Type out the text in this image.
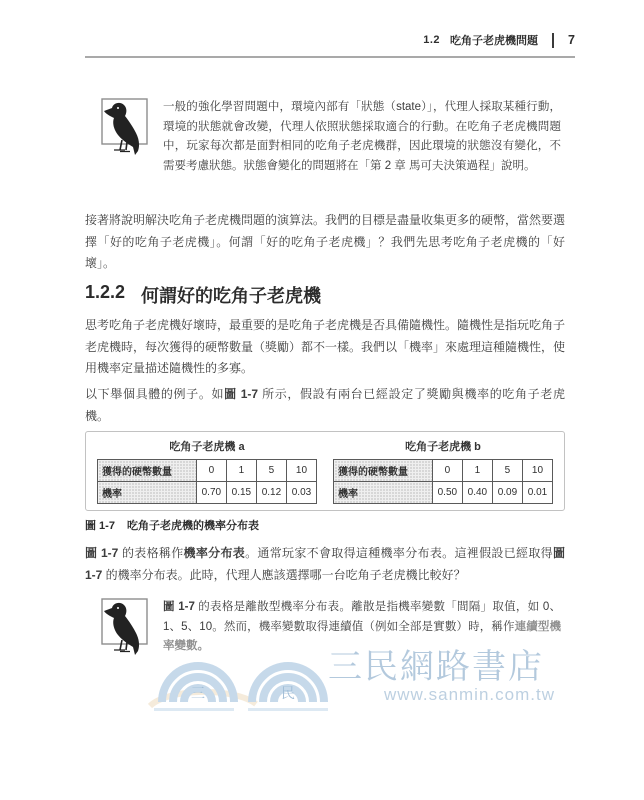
三	民
三民網路書店
www.sanmin.com.tw
1.2 吃角子老虎機問題 7
一般的強化學習問題中，環境內部有「狀態（state）」，代理人採取某種行動，環境的狀態就會改變，代理人依照狀態採取適合的行動。在吃角子老虎機問題中，玩家每次都是面對相同的吃角子老虎機群，因此環境的狀態沒有變化，不需要考慮狀態。狀態會變化的問題將在「第 2 章 馬可夫決策過程」說明。
接著將說明解決吃角子老虎機問題的演算法。我們的目標是盡量收集更多的硬幣，當然要選擇「好的吃角子老虎機」。何謂「好的吃角子老虎機」？我們先思考吃角子老虎機的「好壞」。
1.2.2 何謂好的吃角子老虎機
思考吃角子老虎機好壞時，最重要的是吃角子老虎機是否具備隨機性。隨機性是指玩吃角子老虎機時，每次獲得的硬幣數量（獎勵）都不一樣。我們以「機率」來處理這種隨機性，使用機率定量描述隨機性的多寡。
以下舉個具體的例子。如圖 1-7 所示，假設有兩台已經設定了獎勵與機率的吃角子老虎機。
吃角子老虎機 a
獲得的硬幣數量	0	1	5	10
機率	0.70	0.15	0.12	0.03
吃角子老虎機 b
獲得的硬幣數量	0	1	5	10
機率	0.50	0.40	0.09	0.01
圖 1-7 吃角子老虎機的機率分布表
圖 1-7 的表格稱作機率分布表。通常玩家不會取得這種機率分布表。這裡假設已經取得圖 1-7 的機率分布表。此時，代理人應該選擇哪一台吃角子老虎機比較好？
圖 1-7 的表格是離散型機率分布表。離散是指機率變數「間隔」取值，如 0、1、5、10。然而，機率變數取得連續值（例如全部是實數）時，稱作連續型機率變數。
